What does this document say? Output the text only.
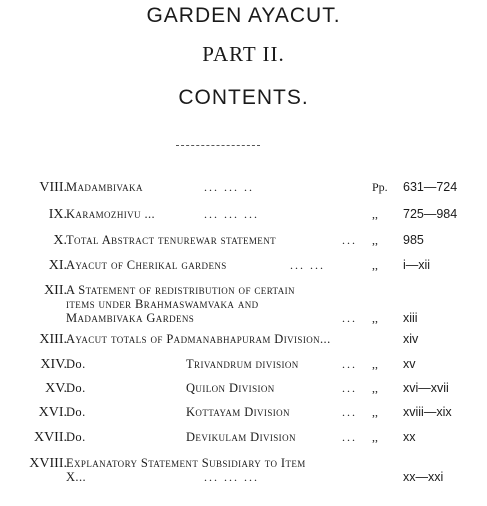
GARDEN AYACUT.
PART II.
CONTENTS.
VIII. Madambivaka	... ... ..	Pp. 631—724
IX. Karamozhivu ...	... ... ...	,, 725—984
X. Total Abstract tenurewar statement	... ,, 985
XI. Ayacut of Cherikal gardens	... ...	,, i—xii
XII. A Statement of redistribution of certain items under Brahmaswamvaka and Madambivaka Gardens	... ,, xiii
XIII. Ayacut totals of Padmanabhapuram Division...	xiv
XIV. Do.	Trivandrum division	... ,, xv
XV. Do.	Quilon Division	... ,, xvi—xvii
XVI. Do.	Kottayam Division	... ,, xviii—xix
XVII. Do.	Devikulam Division	... ,, xx
XVIII. Explanatory Statement Subsidiary to Item X...	... ... ...	xx—xxi
